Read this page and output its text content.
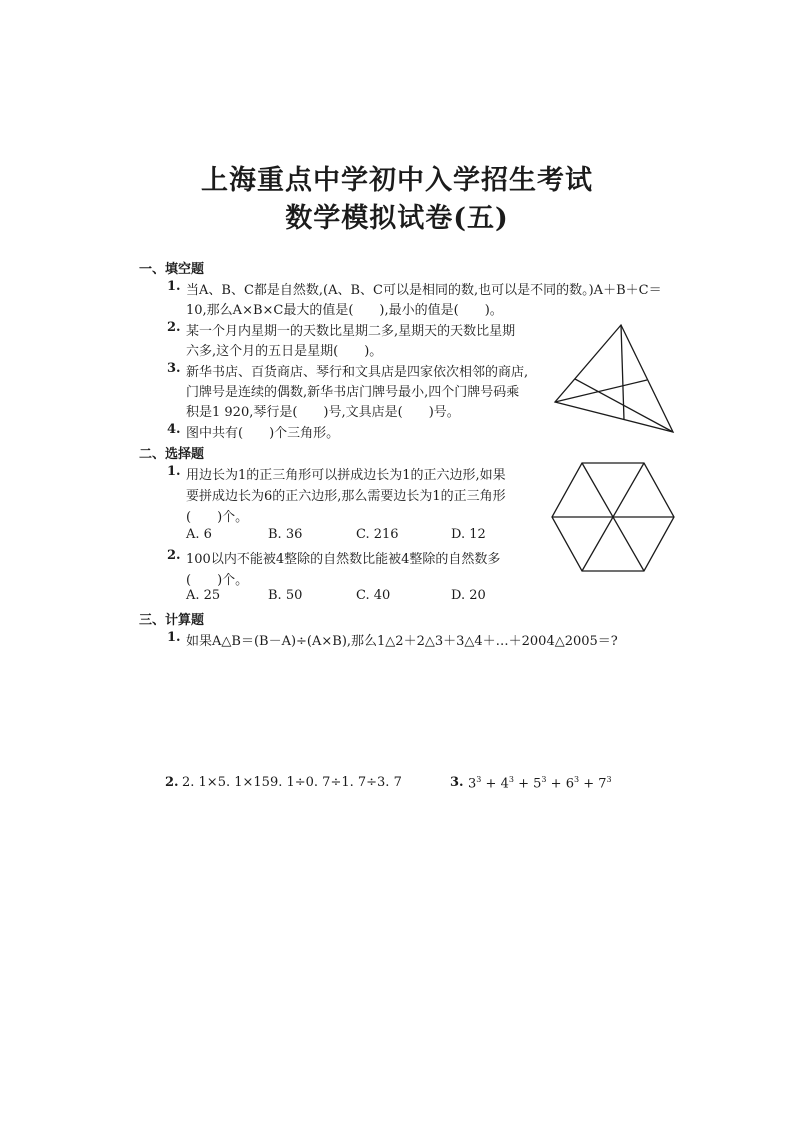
上海重点中学初中入学招生考试
数学模拟试卷(五)
一、填空题
1. 当A、B、C都是自然数,(A、B、C可以是相同的数,也可以是不同的数。)A＋B＋C＝
10,那么A×B×C最大的值是(　　),最小的值是(　　)。
2. 某一个月内星期一的天数比星期二多,星期天的天数比星期
六多,这个月的五日是星期(　　)。
3. 新华书店、百货商店、琴行和文具店是四家依次相邻的商店,
门牌号是连续的偶数,新华书店门牌号最小,四个门牌号码乘
积是1 920,琴行是(　　)号,文具店是(　　)号。
4. 图中共有(　　)个三角形。
二、选择题
1. 用边长为1的正三角形可以拼成边长为1的正六边形,如果
要拼成边长为6的正六边形,那么需要边长为1的正三角形
(　　)个。
A. 6	B. 36	C. 216	D. 12
2. 100以内不能被4整除的自然数比能被4整除的自然数多
(　　)个。
A. 25	B. 50	C. 40	D. 20
三、计算题
1. 如果A△B＝(B－A)÷(A×B),那么1△2＋2△3＋3△4＋…＋2004△2005＝?
2. 2. 1×5. 1×159. 1÷0. 7÷1. 7÷3. 7	3. $3^3 + 4^3 + 5^3 + 6^3 + 7^3$
